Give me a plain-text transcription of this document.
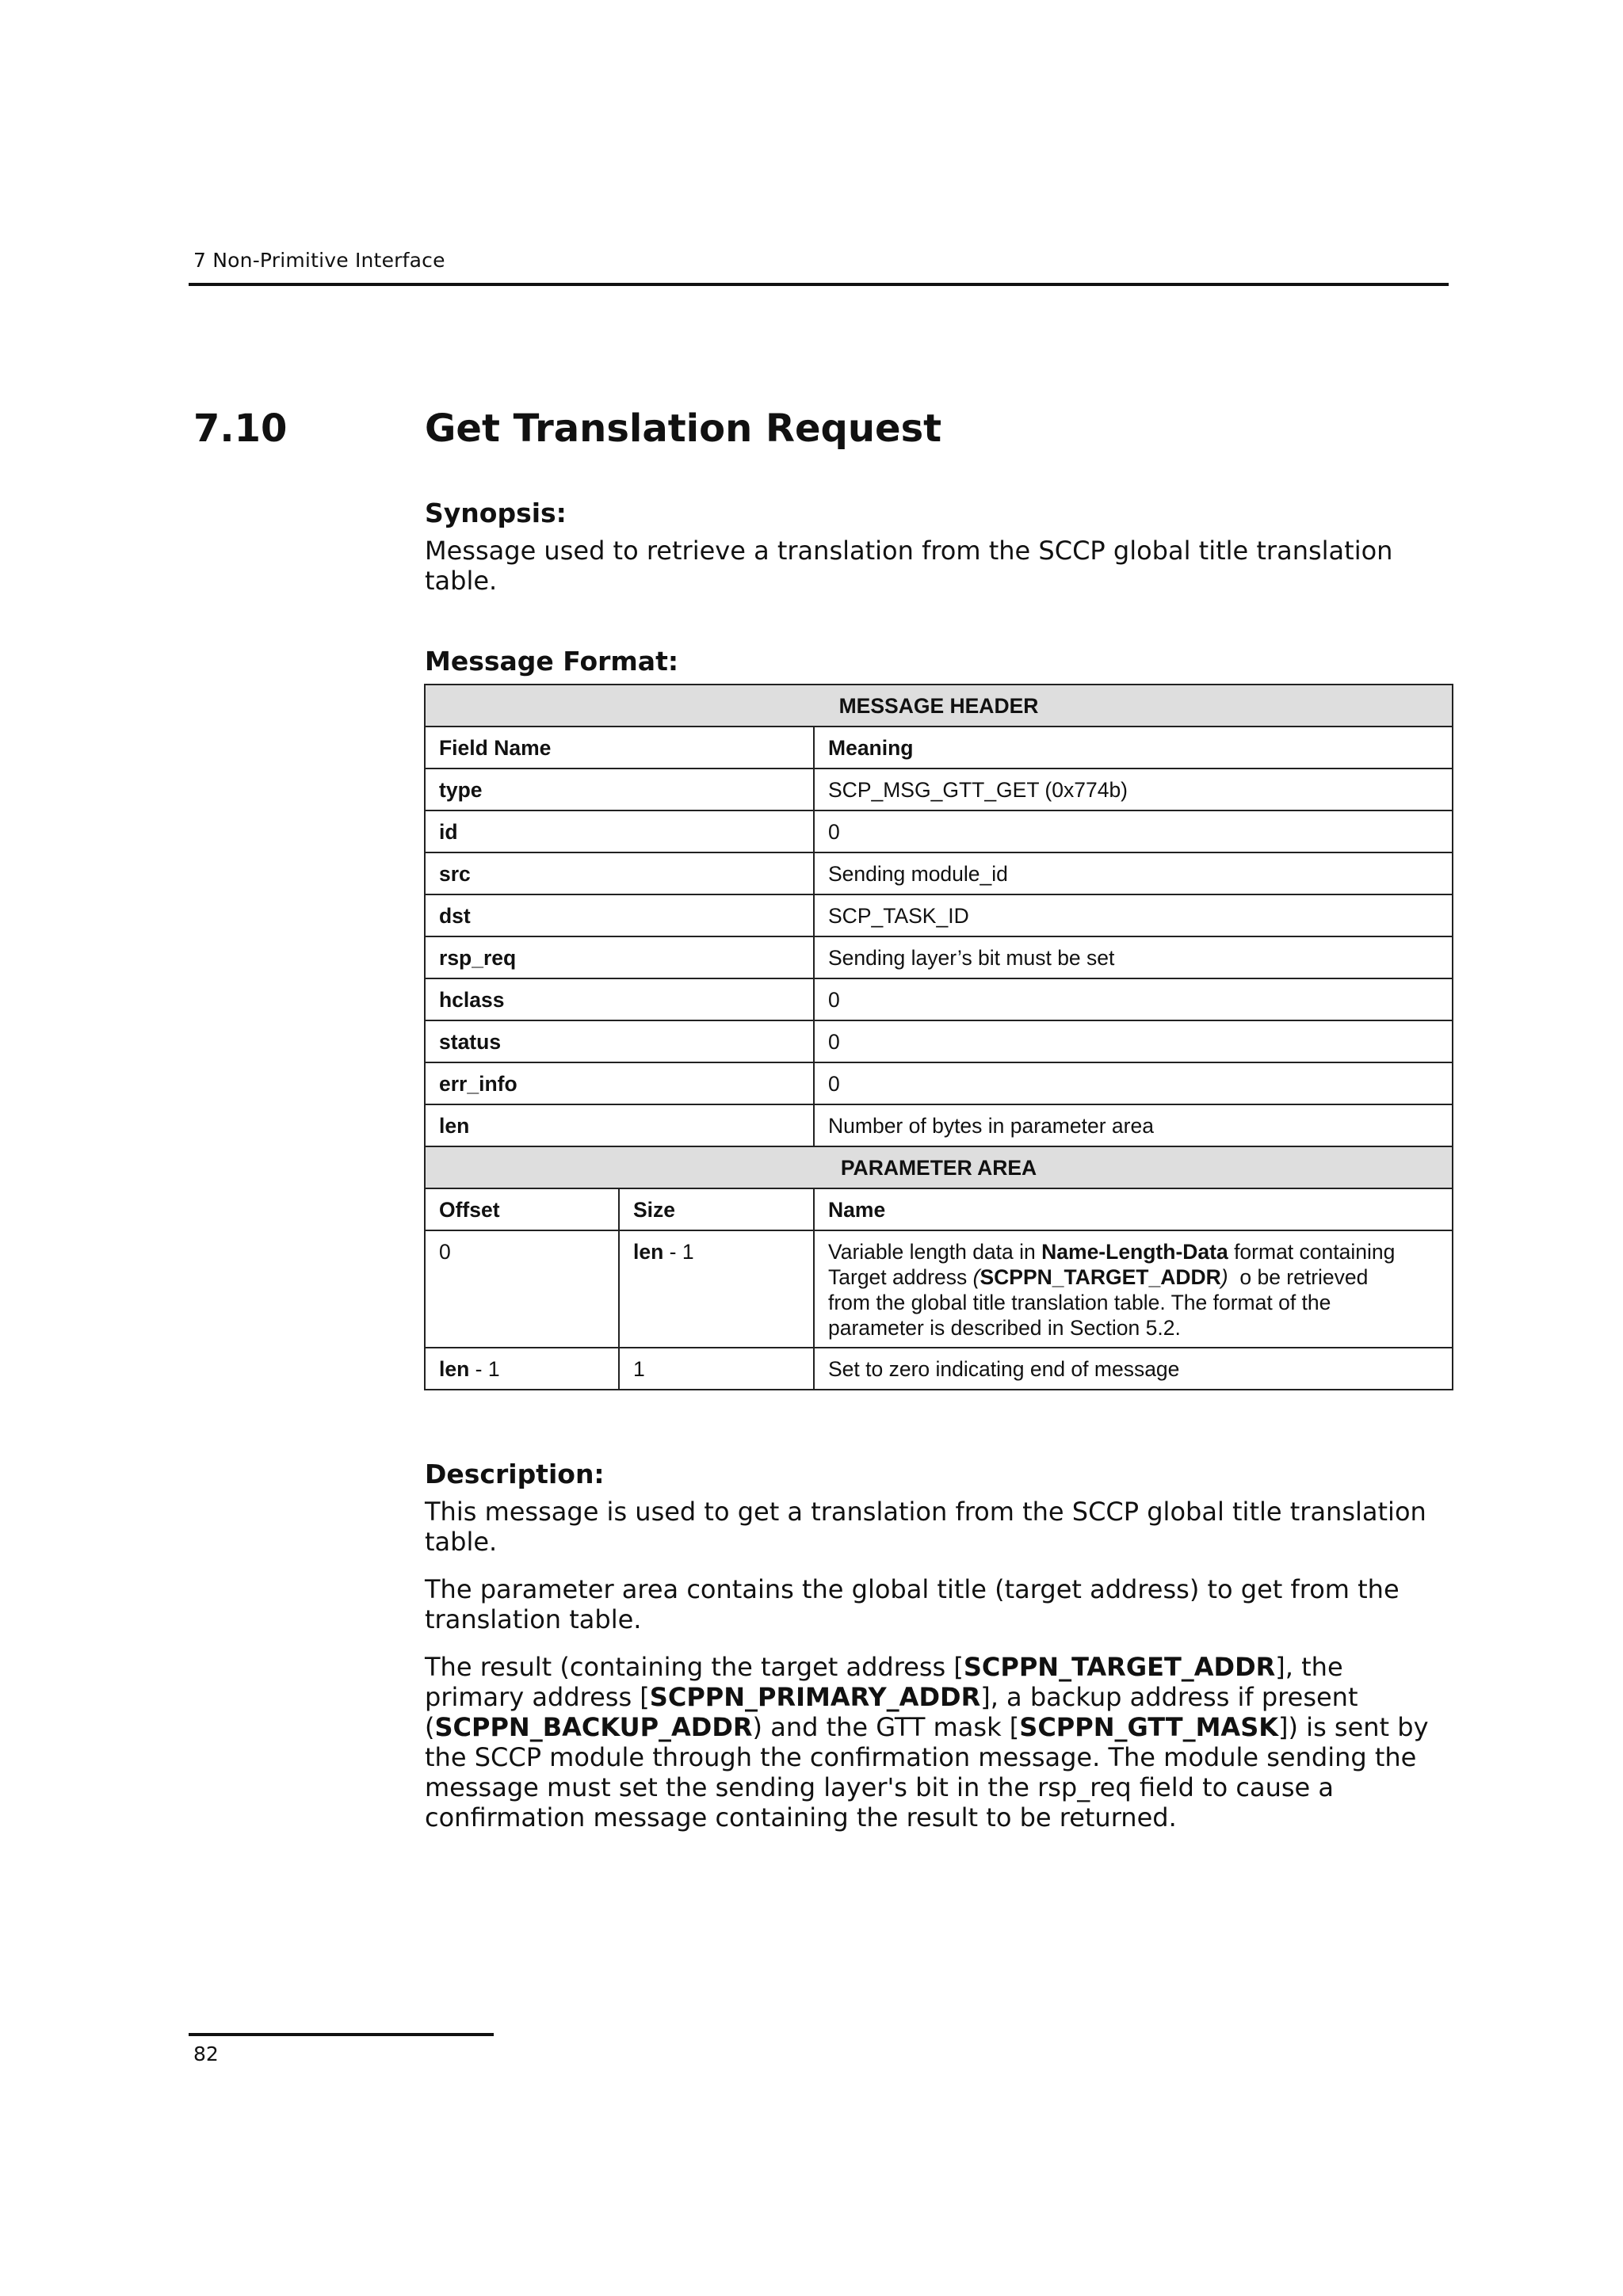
7 Non-Primitive Interface
7.10	Get Translation Request
Synopsis:
Message used to retrieve a translation from the SCCP global title translation
table.
Message Format:
MESSAGE HEADER		
Field Name		Meaning
type		SCP_MSG_GTT_GET (0x774b)
id		0
src		Sending module_id
dst		SCP_TASK_ID
rsp_req		Sending layer’s bit must be set
hclass		0
status		0
err_info		0
len		Number of bytes in parameter area
PARAMETER AREA		
Offset	Size	Name
0	len - 1	Variable length data in Name-Length-Data format containing
Target address (SCPPN_TARGET_ADDR)  o be retrieved
from the global title translation table. The format of the
parameter is described in Section 5.2.

len - 1	1	Set to zero indicating end of message
Description:
This message is used to get a translation from the SCCP global title translation
table.
The parameter area contains the global title (target address) to get from the
translation table.
The result (containing the target address [SCPPN_TARGET_ADDR], the
primary address [SCPPN_PRIMARY_ADDR], a backup address if present
(SCPPN_BACKUP_ADDR) and the GTT mask [SCPPN_GTT_MASK]) is sent by
the SCCP module through the confirmation message. The module sending the
message must set the sending layer's bit in the rsp_req field to cause a
confirmation message containing the result to be returned.
82
